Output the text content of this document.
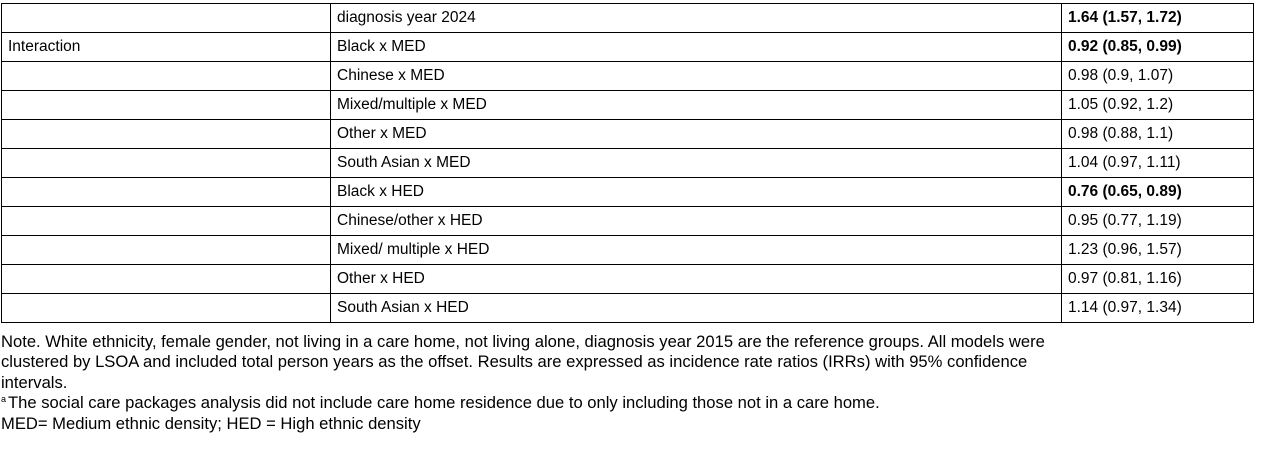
	diagnosis year 2024	1.64 (1.57, 1.72)
Interaction	Black x MED	0.92 (0.85, 0.99)
	Chinese x MED	0.98 (0.9, 1.07)
	Mixed/multiple x MED	1.05 (0.92, 1.2)
	Other x MED	0.98 (0.88, 1.1)
	South Asian x MED	1.04 (0.97, 1.11)
	Black x HED	0.76 (0.65, 0.89)
	Chinese/other x HED	0.95 (0.77, 1.19)
	Mixed/ multiple x HED	1.23 (0.96, 1.57)
	Other x HED	0.97 (0.81, 1.16)
	South Asian x HED	1.14 (0.97, 1.34)

Note. White ethnicity, female gender, not living in a care home, not living alone, diagnosis year 2015 are the reference groups. All models were

clustered by LSOA and included total person years as the offset. Results are expressed as incidence rate ratios (IRRs) with 95% confidence

intervals.

$^a$ The social care packages analysis did not include care home residence due to only including those not in a care home.

MED= Medium ethnic density; HED = High ethnic density
